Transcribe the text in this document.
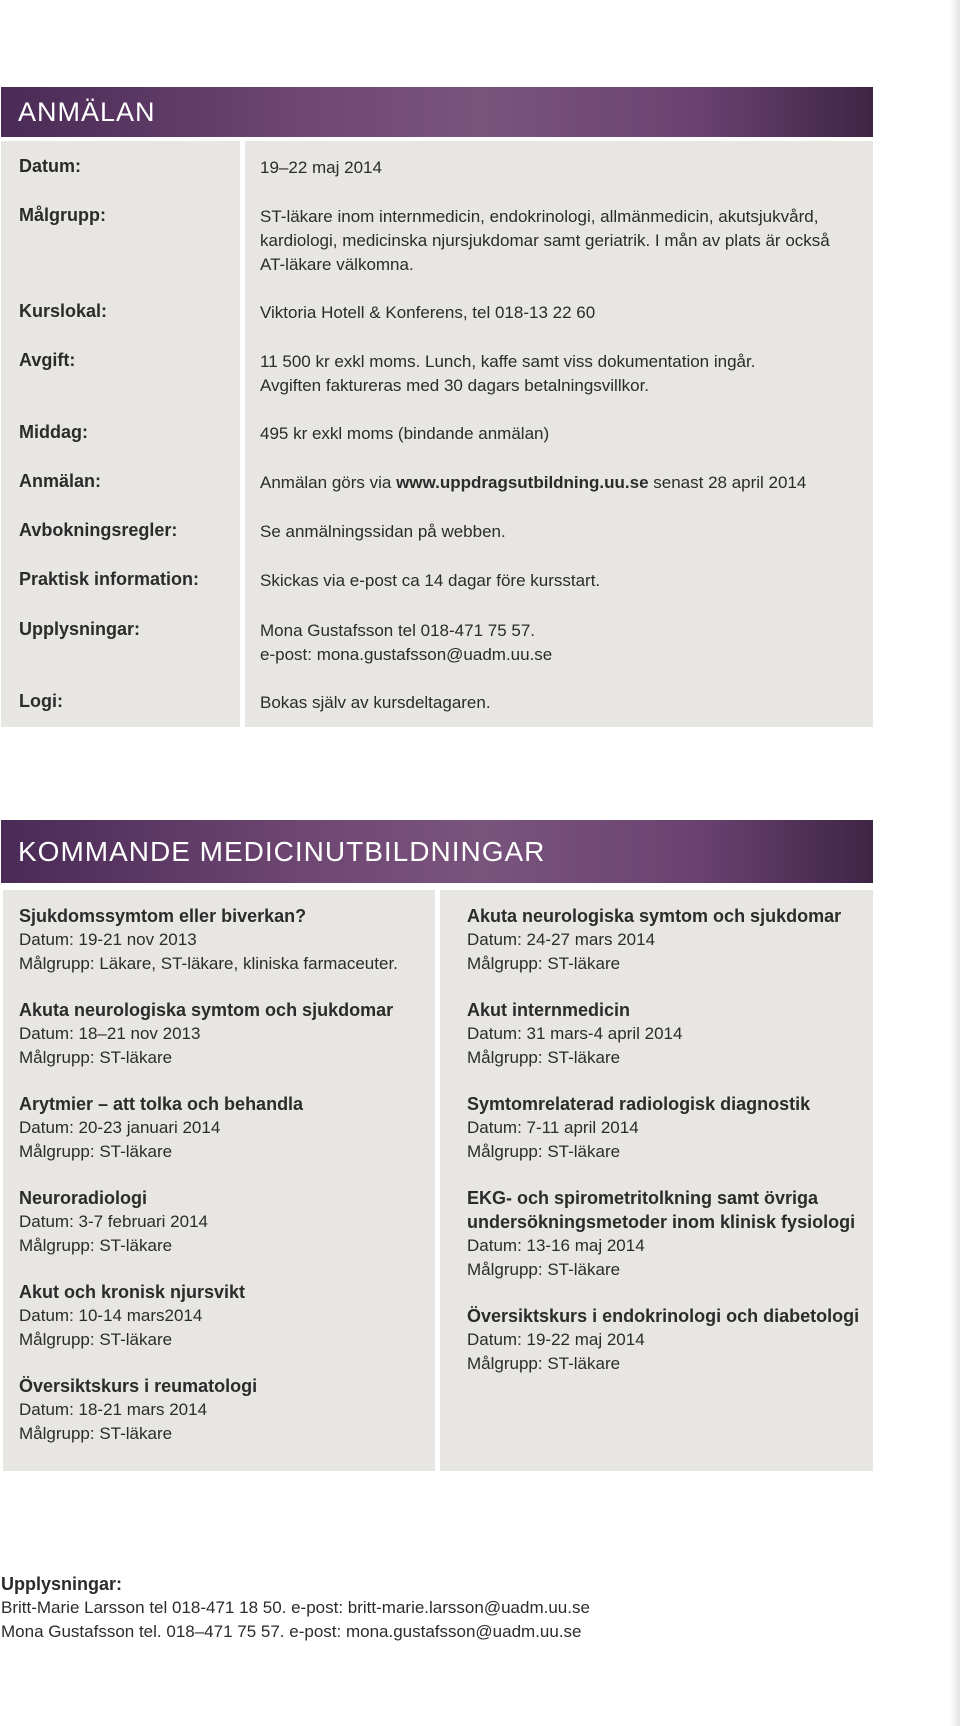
ANMÄLAN
Datum:	19–22 maj 2014
Målgrupp:	ST-läkare inom internmedicin, endokrinologi, allmänmedicin, akutsjukvård,
kardiologi, medicinska njursjukdomar samt geriatrik. I mån av plats är också
AT-läkare välkomna.
Kurslokal:	Viktoria Hotell & Konferens, tel 018-13 22 60
Avgift:	11 500 kr exkl moms. Lunch, kaffe samt viss dokumentation ingår.
Avgiften faktureras med 30 dagars betalningsvillkor.
Middag:	495 kr exkl moms (bindande anmälan)
Anmälan:	Anmälan görs via www.uppdragsutbildning.uu.se senast 28 april 2014
Avbokningsregler:	Se anmälningssidan på webben.
Praktisk information:	Skickas via e-post ca 14 dagar före kursstart.
Upplysningar:	Mona Gustafsson tel 018-471 75 57.
e-post: mona.gustafsson@uadm.uu.se
Logi:	Bokas själv av kursdeltagaren.
KOMMANDE MEDICINUTBILDNINGAR
Sjukdomssymtom eller biverkan?
Datum: 19-21 nov 2013
Målgrupp: Läkare, ST-läkare, kliniska farmaceuter.
Akuta neurologiska symtom och sjukdomar
Datum: 18–21 nov 2013
Målgrupp: ST-läkare
Arytmier – att tolka och behandla
Datum: 20-23 januari 2014
Målgrupp: ST-läkare
Neuroradiologi
Datum: 3-7 februari 2014
Målgrupp: ST-läkare
Akut och kronisk njursvikt
Datum: 10-14 mars2014
Målgrupp: ST-läkare
Översiktskurs i reumatologi
Datum: 18-21 mars 2014
Målgrupp: ST-läkare
Akuta neurologiska symtom och sjukdomar
Datum: 24-27 mars 2014
Målgrupp: ST-läkare
Akut internmedicin
Datum: 31 mars-4 april 2014
Målgrupp: ST-läkare
Symtomrelaterad radiologisk diagnostik
Datum: 7-11 april 2014
Målgrupp: ST-läkare
EKG- och spirometritolkning samt övriga
undersökningsmetoder inom klinisk fysiologi
Datum: 13-16 maj 2014
Målgrupp: ST-läkare
Översiktskurs i endokrinologi och diabetologi
Datum: 19-22 maj 2014
Målgrupp: ST-läkare
Upplysningar:
Britt-Marie Larsson tel 018-471 18 50. e-post: britt-marie.larsson@uadm.uu.se
Mona Gustafsson tel. 018–471 75 57. e-post: mona.gustafsson@uadm.uu.se
